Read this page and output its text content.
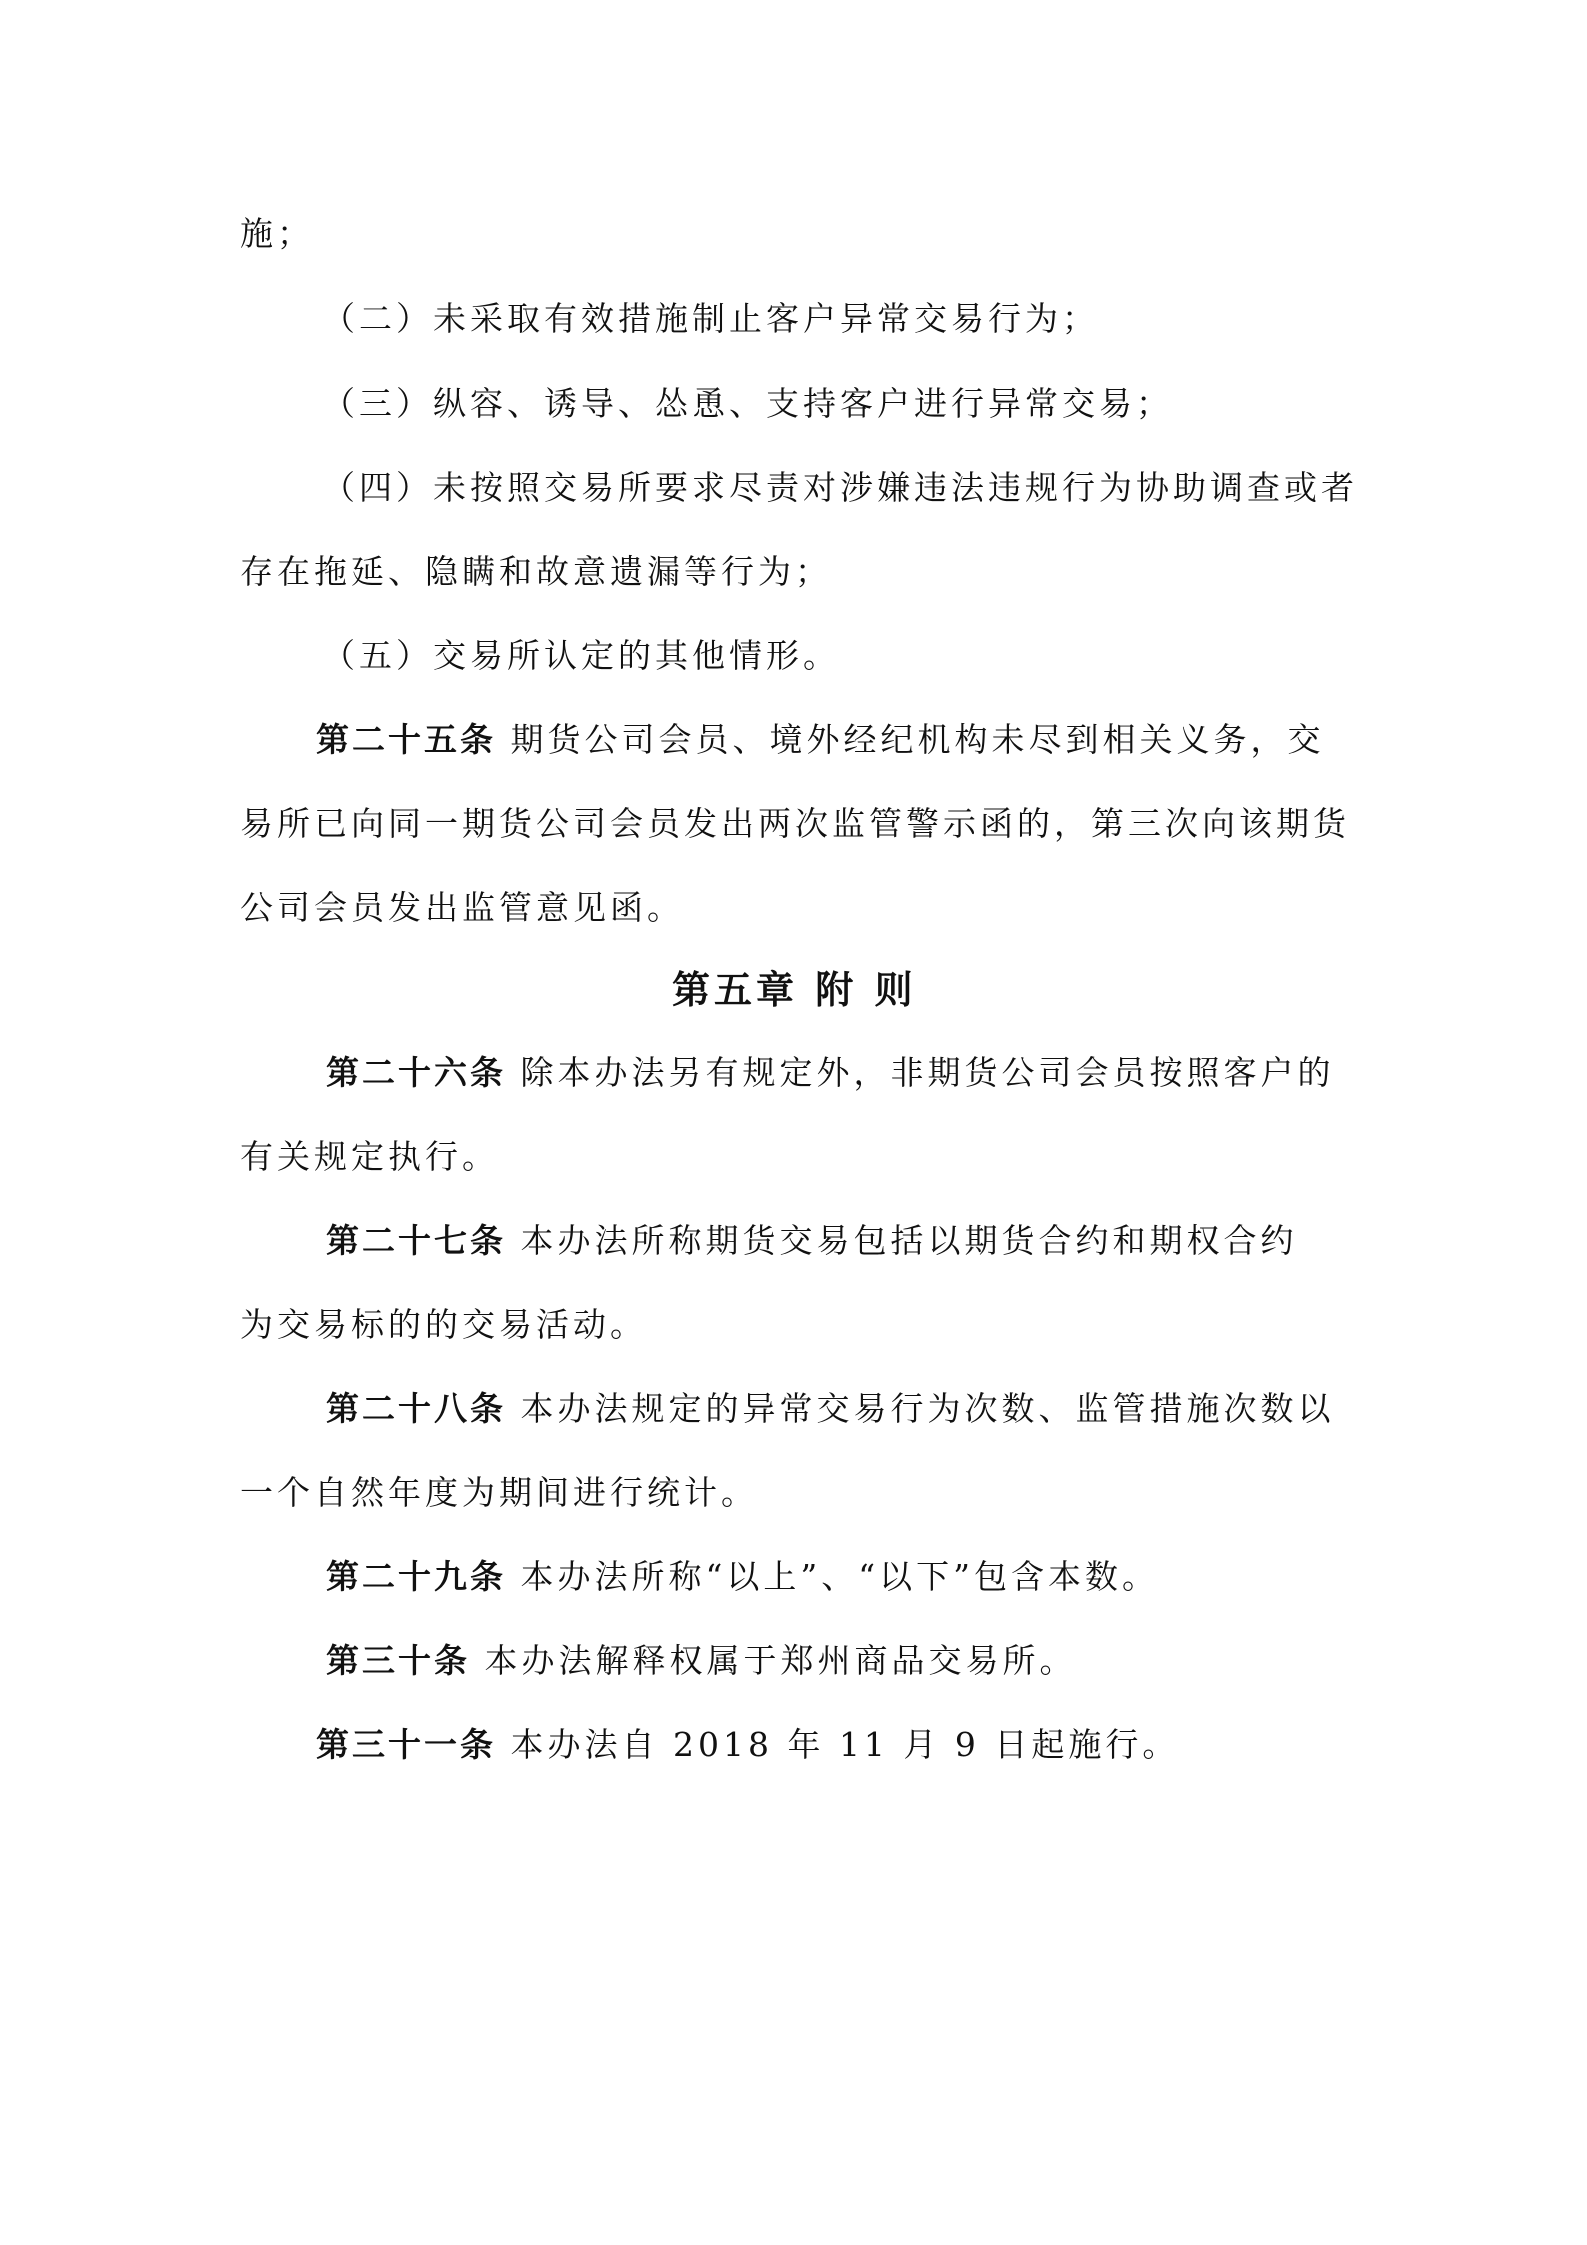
施；
（二）未采取有效措施制止客户异常交易行为；
（三）纵容、诱导、怂恿、支持客户进行异常交易；
（四）未按照交易所要求尽责对涉嫌违法违规行为协助调查或者
存在拖延、隐瞒和故意遗漏等行为；
（五）交易所认定的其他情形。
第二十五条 期货公司会员、境外经纪机构未尽到相关义务，交
易所已向同一期货公司会员发出两次监管警示函的，第三次向该期货
公司会员发出监管意见函。
第五章 附 则
第二十六条 除本办法另有规定外，非期货公司会员按照客户的
有关规定执行。
第二十七条 本办法所称期货交易包括以期货合约和期权合约
为交易标的的交易活动。
第二十八条 本办法规定的异常交易行为次数、监管措施次数以
一个自然年度为期间进行统计。
第二十九条 本办法所称“以上”、“以下”包含本数。
第三十条 本办法解释权属于郑州商品交易所。
第三十一条 本办法自 2018 年 11 月 9 日起施行。
